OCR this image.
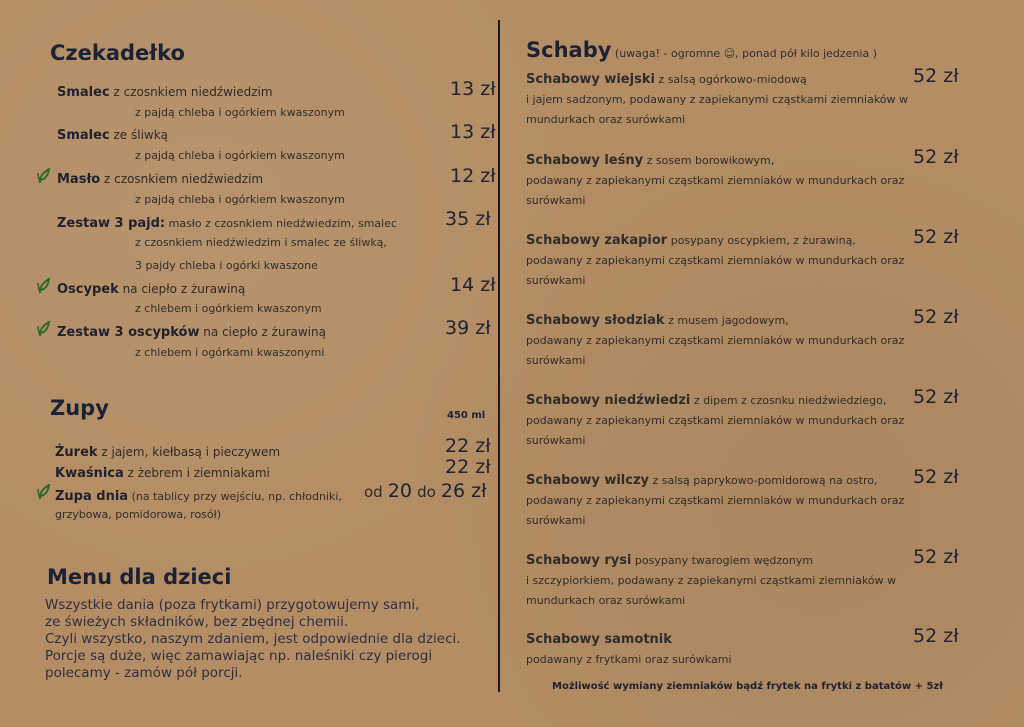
Czekadełko
Smalec z czosnkiem niedźwiedzim
z pajdą chleba i ogórkiem kwaszonym
13 zł
Smalec ze śliwką
z pajdą chleba i ogórkiem kwaszonym
13 zł
Masło z czosnkiem niedźwiedzim
z pajdą chleba i ogórkiem kwaszonym
12 zł
Zestaw 3 pajd: masło z czosnkiem niedźwiedzim, smalec
z czosnkiem niedźwiedzim i smalec ze śliwką,
3 pajdy chleba i ogórki kwaszone
35 zł
Oscypek na ciepło z żurawiną
z chlebem i ogórkiem kwaszonym
14 zł
Zestaw 3 oscypków na ciepło z żurawiną
z chlebem i ogórkami kwaszonymi
39 zł
Zupy	450 ml
Żurek z jajem, kiełbasą i pieczywem	22 zł
Kwaśnica z żebrem i ziemniakami	22 zł
Zupa dnia (na tablicy przy wejściu, np. chłodniki,
grzybowa, pomidorowa, rosół)
od 20 do 26 zł
Menu dla dzieci
Wszystkie dania (poza frytkami) przygotowujemy sami,
ze świeżych składników, bez zbędnej chemii.
Czyli wszystko, naszym zdaniem, jest odpowiednie dla dzieci.
Porcje są duże, więc zamawiając np. naleśniki czy pierogi
polecamy - zamów pół porcji.
Schaby (uwaga! - ogromne ☺, ponad pół kilo jedzenia )
Schabowy wiejski z salsą ogórkowo-miodową
i jajem sadzonym, podawany z zapiekanymi cząstkami ziemniaków w mundurkach oraz surówkami
52 zł
Schabowy leśny z sosem borowikowym,
podawany z zapiekanymi cząstkami ziemniaków w mundurkach oraz surówkami
52 zł
Schabowy zakapior posypany oscypkiem, z żurawiną,
podawany z zapiekanymi cząstkami ziemniaków w mundurkach oraz surówkami
52 zł
Schabowy słodziak z musem jagodowym,
podawany z zapiekanymi cząstkami ziemniaków w mundurkach oraz surówkami
52 zł
Schabowy niedźwiedzi z dipem z czosnku niedźwiedziego,
podawany z zapiekanymi cząstkami ziemniaków w mundurkach oraz surówkami
52 zł
Schabowy wilczy z salsą paprykowo-pomidorową na ostro,
podawany z zapiekanymi cząstkami ziemniaków w mundurkach oraz surówkami
52 zł
Schabowy rysi posypany twarogiem wędzonym
i szczypiorkiem, podawany z zapiekanymi cząstkami ziemniaków w mundurkach oraz surówkami
52 zł
Schabowy samotnik
podawany z frytkami oraz surówkami
52 zł
Możliwość wymiany ziemniaków bądź frytek na frytki z batatów + 5zł
